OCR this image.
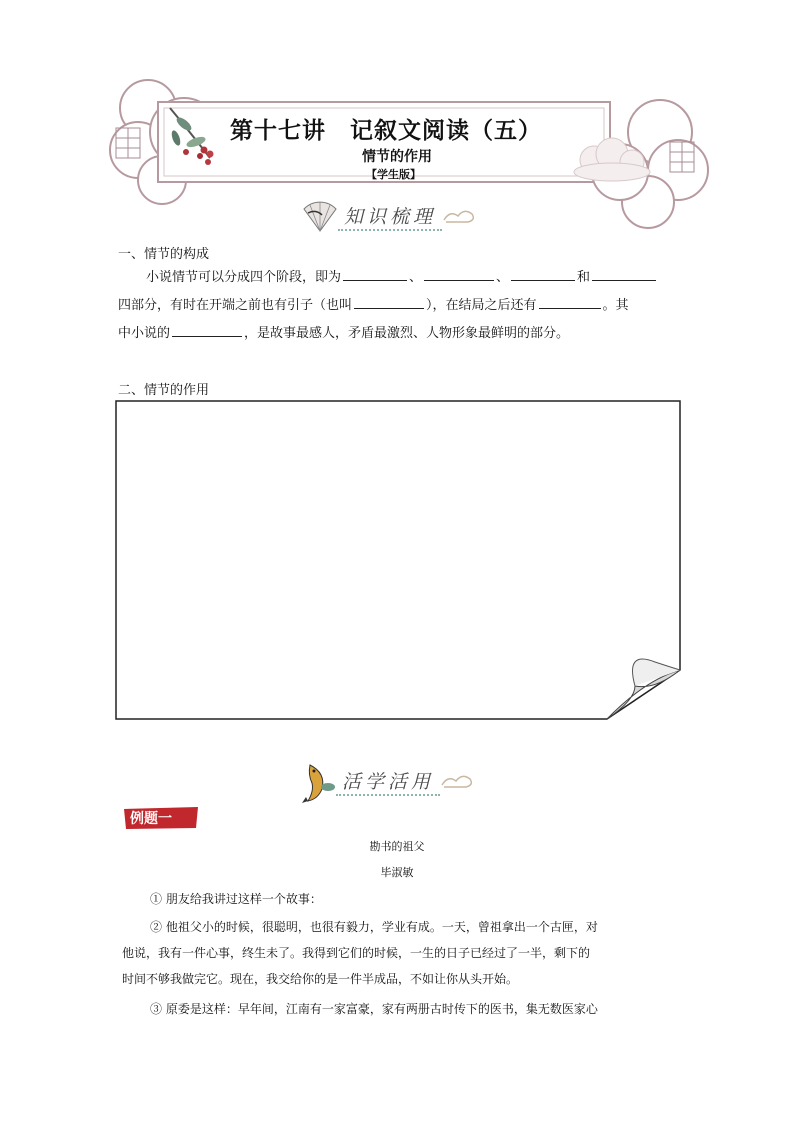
第十七讲　记叙文阅读（五）
情节的作用
【学生版】
知识梳理
一、情节的构成
小说情节可以分成四个阶段，即为	、	、	和
四部分，有时在开端之前也有引子（也叫	），在结局之后还有	。其
中小说的	，是故事最感人，矛盾最激烈、人物形象最鲜明的部分。
二、情节的作用
活学活用
例题一
勘书的祖父
毕淑敏
① 朋友给我讲过这样一个故事：
② 他祖父小的时候，很聪明，也很有毅力，学业有成。一天，曾祖拿出一个古匣，对
他说，我有一件心事，终生未了。我得到它们的时候，一生的日子已经过了一半，剩下的
时间不够我做完它。现在，我交给你的是一件半成品，不如让你从头开始。
③ 原委是这样：早年间，江南有一家富豪，家有两册古时传下的医书，集无数医家心
